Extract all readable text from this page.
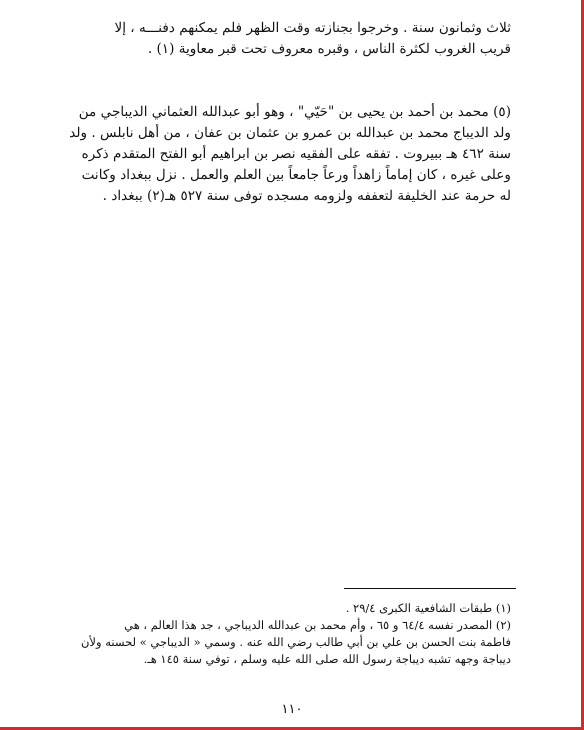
ثلاث وثمانون سنة . وخرجوا بجنازته وقت الظهر فلم يمكنهم دفنـــه ، إلا
قريب الغروب لكثرة الناس ، وقبره معروف تحت قبر معاوية (١) .
(٥) محمد بن أحمد بن يحيى بن "حَيّي" ، وهو أبو عبدالله العثماني الديباجي من
ولد الديباج محمد بن عبدالله بن عمرو بن عثمان بن عفان ، من أهل نابلس . ولد
سنة ٤٦٢ هـ ببيروت . تفقه على الفقيه نصر بن ابراهيم أبو الفتح المتقدم ذكره
وعلى غيره ، كان إماماً زاهداً ورعاً جامعاً بين العلم والعمل . نزل ببغداد وكانت
له حرمة عند الخليفة لتعففه ولزومه مسجده توفى سنة ٥٢٧ هـ(٢) ببغداد .
(١) طبقات الشافعية الكبرى ٢٩/٤ .
(٢) المصدر نفسه ٦٤/٤ و ٦٥ ، وأم محمد بن عبدالله الديباجي ، جد هذا العالم ، هي
فاطمة بنت الحسن بن علي بن أبي طالب رضي الله عنه . وسمي « الديباجي » لحسنه ولأن
ديباجة وجهه تشبه ديباجة رسول الله صلى الله عليه وسلم ، توفي سنة ١٤٥ هـ.
١١٠
